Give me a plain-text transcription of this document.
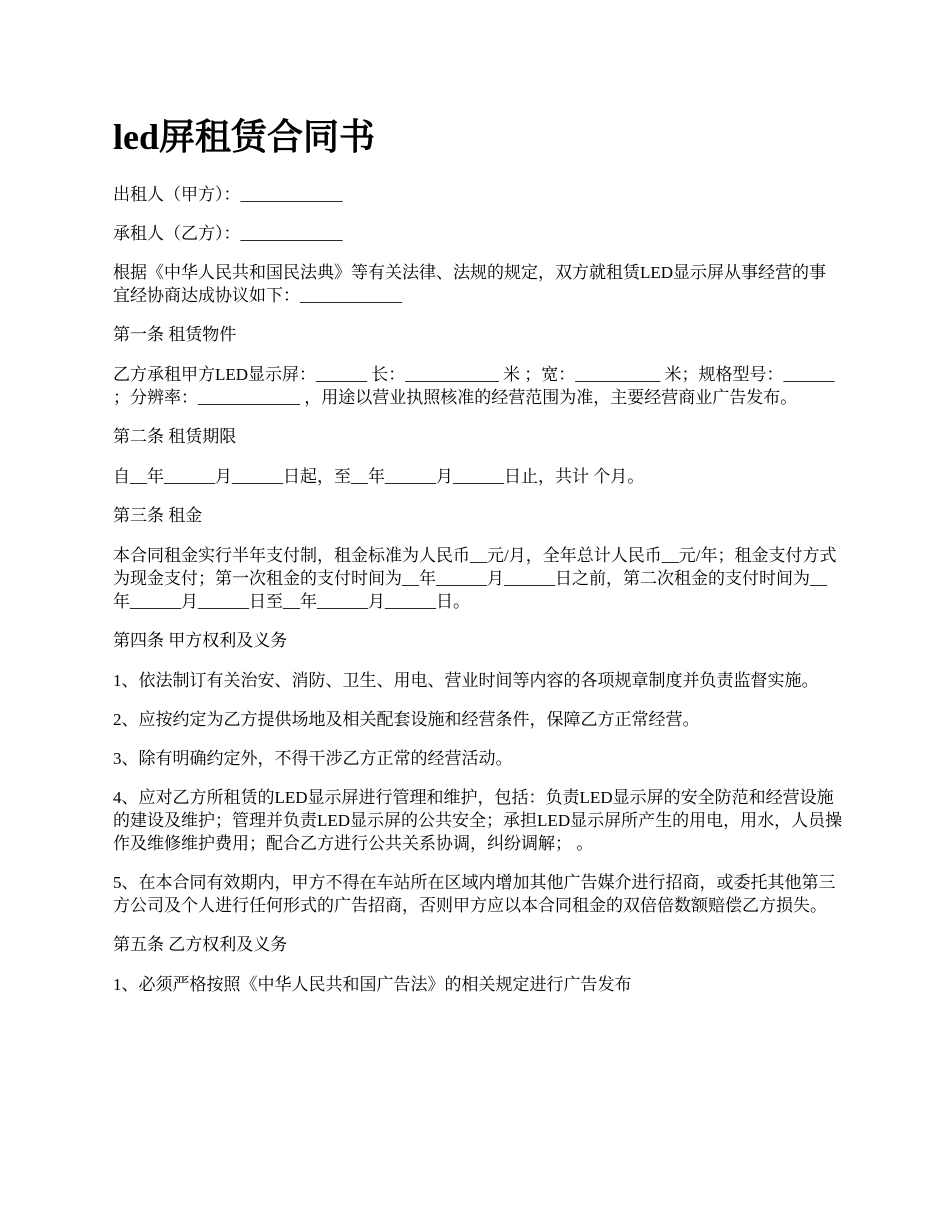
led屏租赁合同书

出租人（甲方）：____________

承租人（乙方）：____________

根据《中华人民共和国民法典》等有关法律、法规的规定，双方就租赁LED显示屏从事经营的事宜经协商达成协议如下：____________

第一条 租赁物件

乙方承租甲方LED显示屏：______ 长：___________ 米 ；宽：__________ 米；规格型号：______ ；分辨率：____________ ，用途以营业执照核准的经营范围为准，主要经营商业广告发布。

第二条 租赁期限

自__年______月______日起，至__年______月______日止，共计 个月。

第三条 租金

本合同租金实行半年支付制，租金标准为人民币__元/月，全年总计人民币__元/年；租金支付方式为现金支付；第一次租金的支付时间为__年______月______日之前，第二次租金的支付时间为__年______月______日至__年______月______日。

第四条 甲方权利及义务

1、依法制订有关治安、消防、卫生、用电、营业时间等内容的各项规章制度并负责监督实施。

2、应按约定为乙方提供场地及相关配套设施和经营条件，保障乙方正常经营。

3、除有明确约定外，不得干涉乙方正常的经营活动。

4、应对乙方所租赁的LED显示屏进行管理和维护，包括：负责LED显示屏的安全防范和经营设施的建设及维护；管理并负责LED显示屏的公共安全；承担LED显示屏所产生的用电，用水，人员操作及维修维护费用；配合乙方进行公共关系协调，纠纷调解； 。

5、在本合同有效期内，甲方不得在车站所在区域内增加其他广告媒介进行招商，或委托其他第三方公司及个人进行任何形式的广告招商，否则甲方应以本合同租金的双倍倍数额赔偿乙方损失。

第五条 乙方权利及义务

1、必须严格按照《中华人民共和国广告法》的相关规定进行广告发布
